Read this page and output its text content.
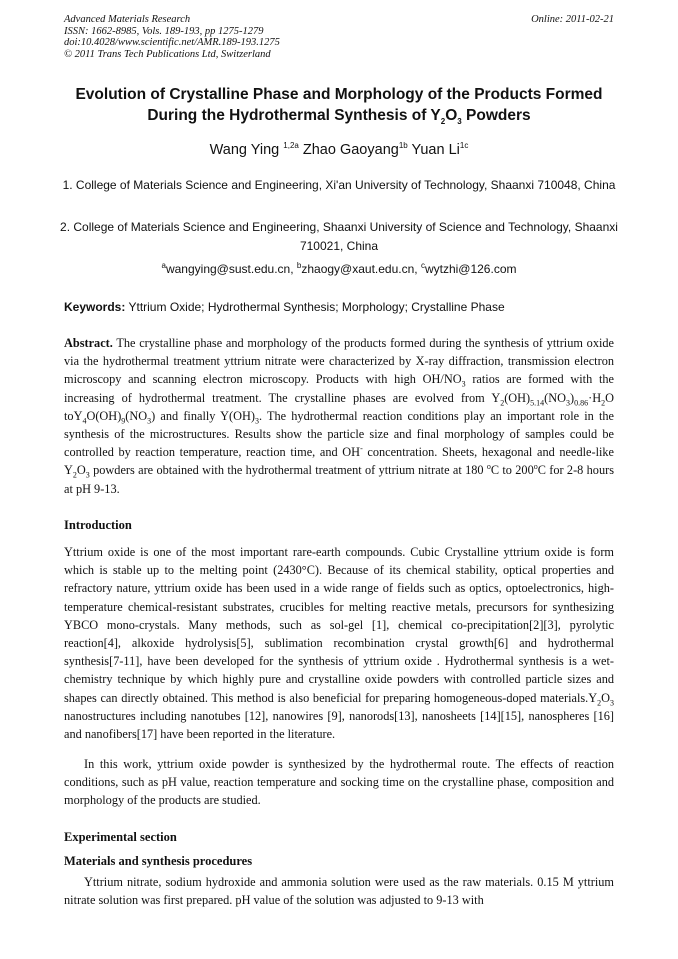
Advanced Materials Research
ISSN: 1662-8985, Vols. 189-193, pp 1275-1279
doi:10.4028/www.scientific.net/AMR.189-193.1275
© 2011 Trans Tech Publications Ltd, Switzerland
Online: 2011-02-21
Evolution of Crystalline Phase and Morphology of the Products Formed
During the Hydrothermal Synthesis of $Y_2O_3$ Powders
Wang Ying $^{1,2a}$ Zhao Gaoyang$^{1b}$ Yuan $Li^{1c}$
1. College of Materials Science and Engineering, Xi'an University of Technology, Shaanxi 710048, China
2. College of Materials Science and Engineering, Shaanxi University of Science and Technology, Shaanxi 710021, China
$^a$wangying@sust.edu.cn, $^b$zhaogy@xaut.edu.cn, $^c$wytzhi@126.com
Keywords: Yttrium Oxide; Hydrothermal Synthesis; Morphology; Crystalline Phase

Abstract. The crystalline phase and morphology of the products formed during the synthesis of yttrium oxide via the hydrothermal treatment yttrium nitrate were characterized by X-ray diffraction, transmission electron microscopy and scanning electron microscopy. Products with high $OH/NO_3$ ratios are formed with the increasing of hydrothermal treatment. The crystalline phases are evolved from $Y_2(OH)_{5.14}(NO_3)_{0.86}\cdot H_2O$ $toY_4O(OH)_9(NO_3)$ and finally $Y(OH)_3$. The hydrothermal reaction conditions play an important role in the synthesis of the microstructures. Results show the particle size and final morphology of samples could be controlled by reaction temperature, reaction time, and OH- concentration. Sheets, hexagonal and needle-like $Y_2O_3$ powders are obtained with the hydrothermal treatment of yttrium nitrate at 180 $^o$C to 200$^o$C for 2-8 hours at pH 9-13.

Introduction

Yttrium oxide is one of the most important rare-earth compounds. Cubic Crystalline yttrium oxide is form which is stable up to the melting point (2430°C). Because of its chemical stability, optical properties and refractory nature, yttrium oxide has been used in a wide range of fields such as optics, optoelectronics, high-temperature chemical-resistant substrates, crucibles for melting reactive metals, precursors for synthesizing YBCO mono-crystals. Many methods, such as sol-gel [1], chemical co-precipitation[2][3], pyrolytic reaction[4], alkoxide hydrolysis[5], sublimation recombination crystal growth[6] and hydrothermal synthesis[7-11], have been developed for the synthesis of yttrium oxide . Hydrothermal synthesis is a wet-chemistry technique by which highly pure and crystalline oxide powders with controlled particle sizes and shapes can directly obtained. This method is also beneficial for preparing homogeneous-doped $materials.Y_2O_3$ nanostructures including nanotubes [12], nanowires [9], nanorods[13], nanosheets [14][15], nanospheres [16] and nanofibers[17] have been reported in the literature.

In this work, yttrium oxide powder is synthesized by the hydrothermal route. The effects of reaction conditions, such as pH value, reaction temperature and socking time on the crystalline phase, composition and morphology of the products are studied.

Experimental section
Materials and synthesis procedures

Yttrium nitrate, sodium hydroxide and ammonia solution were used as the raw materials. 0.15 M yttrium nitrate solution was first prepared. pH value of the solution was adjusted to 9-13 with
